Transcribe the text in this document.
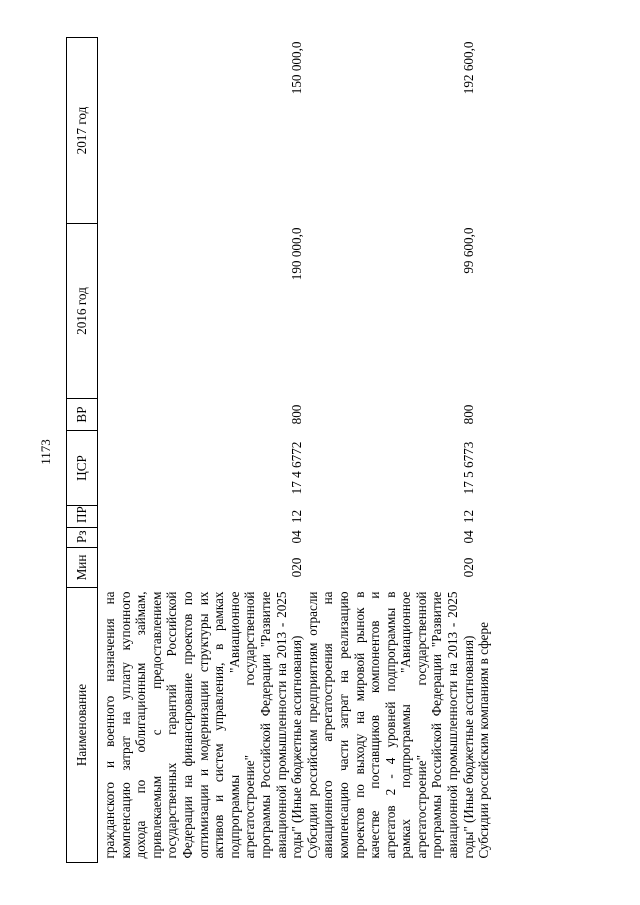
1173
Наименование	Мин	Рз	ПР	ЦСР	ВР	2016 год	2017 год
гражданского и военного назначения на компенсацию затрат на уплату купонного дохода по облигационным займам, привлекаемым с предоставлением государственных гарантий Российской Федерации на финансирование проектов по оптимизации и модернизации структуры их активов и систем управления, в рамках подпрограммы "Авиационное агрегатостроение" государственной программы Российской Федерации "Развитие авиационной промышленности на 2013 - 2025 годы" (Иные бюджетные ассигнования)	020	04	12	17 4 6772	800	190 000,0	150 000,0
Субсидии российским предприятиям отрасли авиационного агрегатостроения на компенсацию части затрат на реализацию проектов по выходу на мировой рынок в качестве поставщиков компонентов и агрегатов 2 - 4 уровней подпрограммы в рамках подпрограммы "Авиационное агрегатостроение" государственной программы Российской Федерации "Развитие авиационной промышленности на 2013 - 2025 годы" (Иные бюджетные ассигнования)	020	04	12	17 5 6773	800	99 600,0	192 600,0
Субсидии российским компаниям в сфере							
